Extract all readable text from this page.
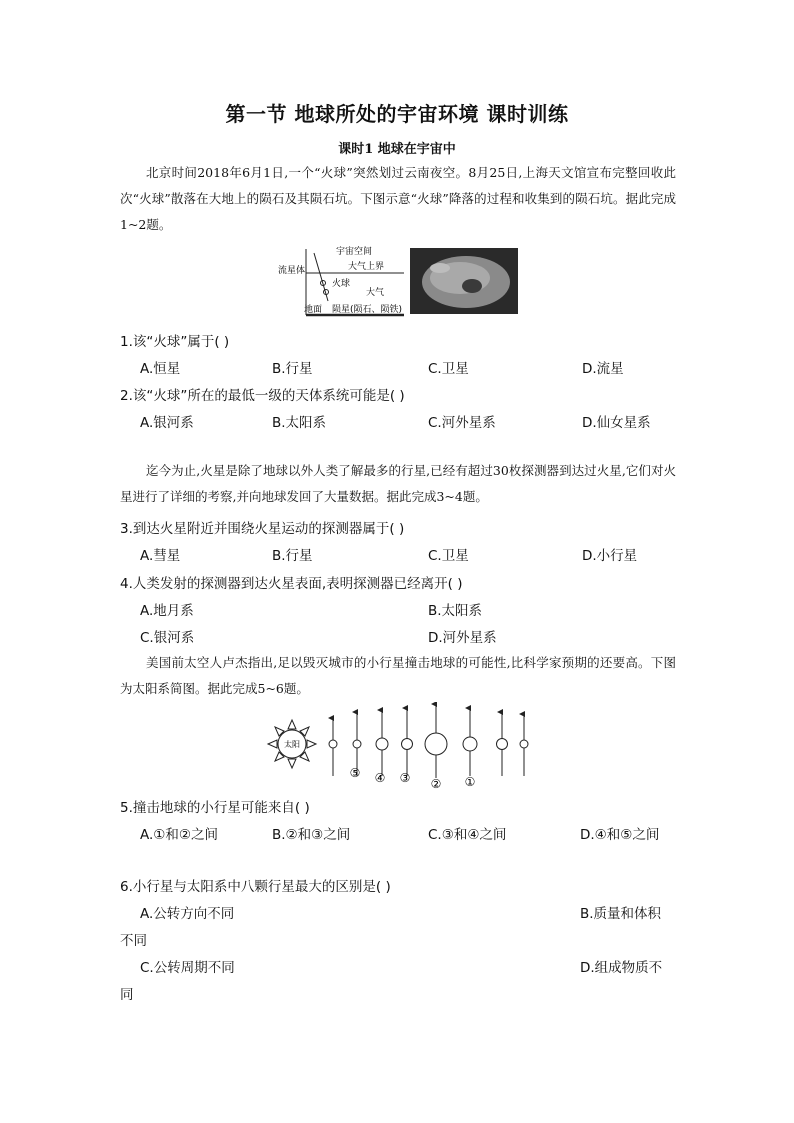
第一节 地球所处的宇宙环境 课时训练
课时1 地球在宇宙中
北京时间2018年6月1日,一个“火球”突然划过云南夜空。8月25日,上海天文馆宣布完整回收此次“火球”散落在大地上的陨石及其陨石坑。下图示意“火球”降落的过程和收集到的陨石坑。据此完成1~2题。
宇宙空间
大气上界
流星体
火球
大气
地面 陨星(陨石、陨铁)
1.该“火球”属于( )
A.恒星	B.行星	C.卫星	D.流星
2.该“火球”所在的最低一级的天体系统可能是( )
A.银河系	B.太阳系	C.河外星系	D.仙女星系
迄今为止,火星是除了地球以外人类了解最多的行星,已经有超过30枚探测器到达过火星,它们对火星进行了详细的考察,并向地球发回了大量数据。据此完成3~4题。
3.到达火星附近并围绕火星运动的探测器属于( )
A.彗星	B.行星	C.卫星	D.小行星
4.人类发射的探测器到达火星表面,表明探测器已经离开( )
A.地月系	B.太阳系
C.银河系	D.河外星系
美国前太空人卢杰指出,足以毁灭城市的小行星撞击地球的可能性,比科学家预期的还要高。下图为太阳系简图。据此完成5~6题。
太阳
⑤ ④ ③ ② ①
5.撞击地球的小行星可能来自( )
A.①和②之间	B.②和③之间	C.③和④之间	D.④和⑤之间
6.小行星与太阳系中八颗行星最大的区别是( )
A.公转方向不同	B.质量和体积
不同
C.公转周期不同	D.组成物质不
同
